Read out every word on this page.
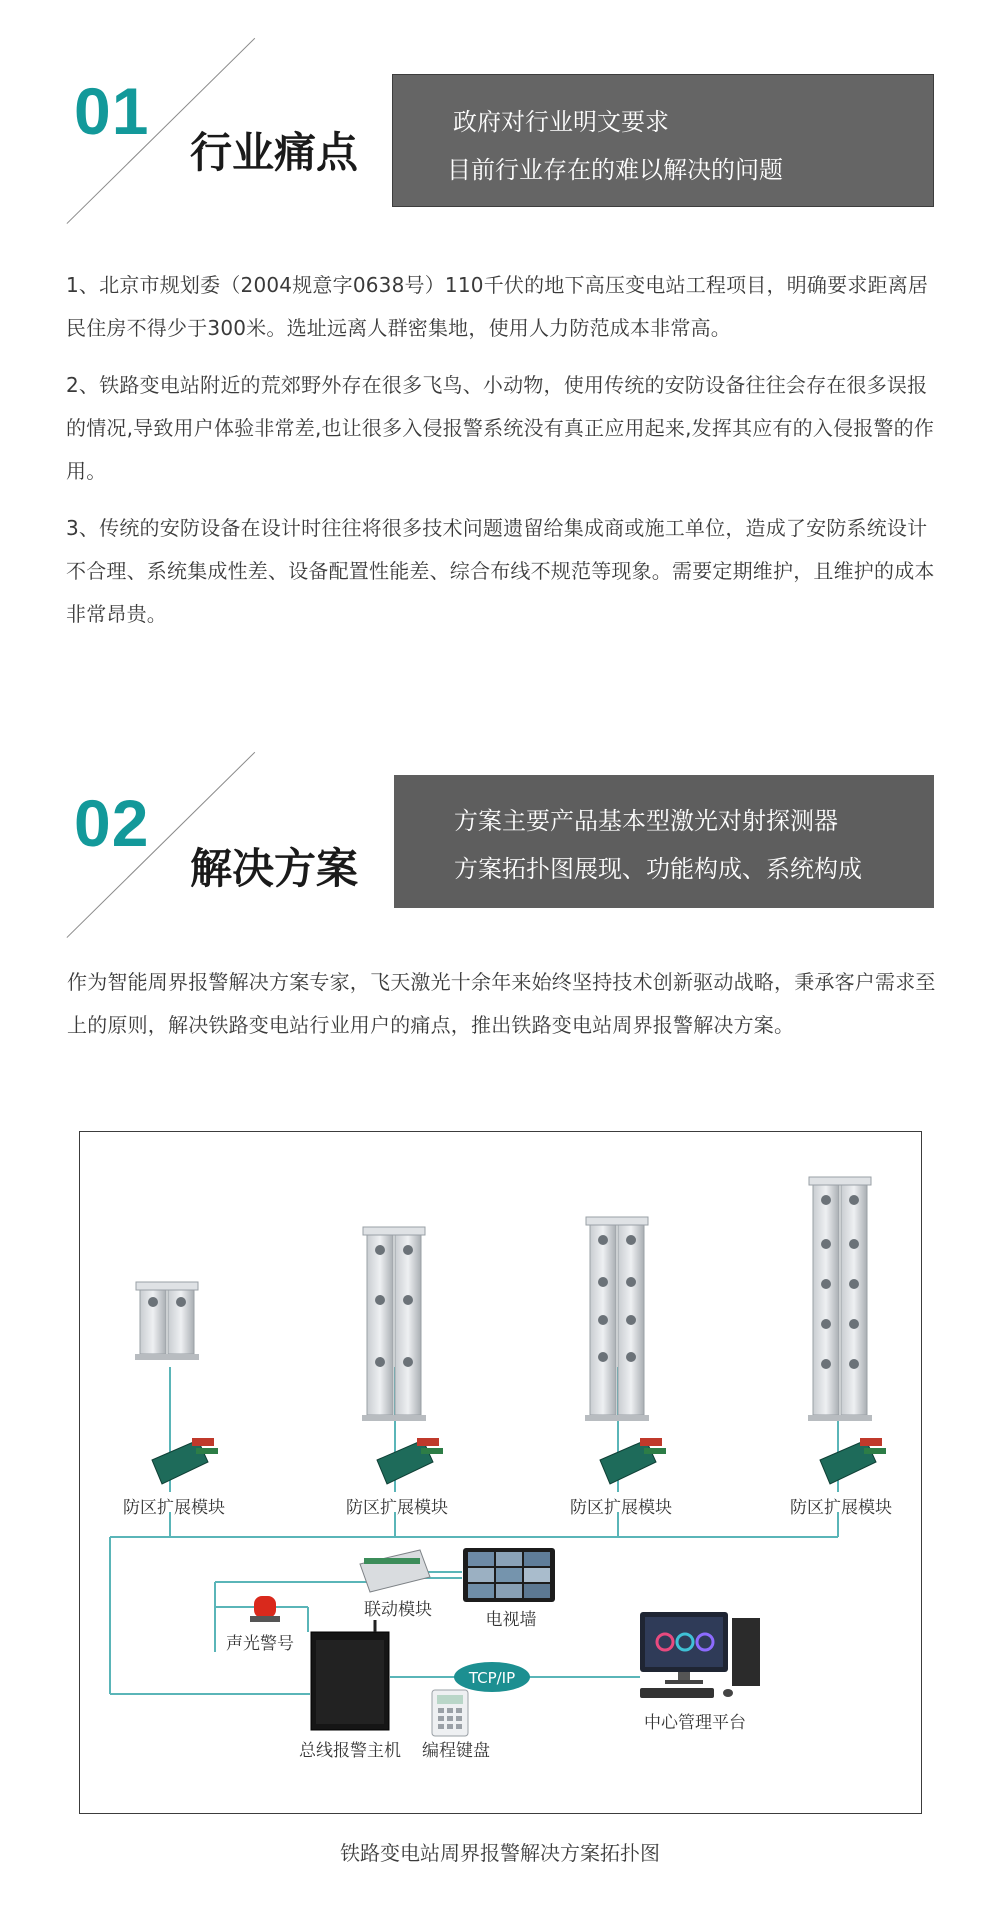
01
行业痛点
政府对行业明文要求
目前行业存在的难以解决的问题
1、北京市规划委（2004规意字0638号）110千伏的地下高压变电站工程项目，明确要求距离居民住房不得少于300米。选址远离人群密集地，使用人力防范成本非常高。
2、铁路变电站附近的荒郊野外存在很多飞鸟、小动物，使用传统的安防设备往往会存在很多误报的情况,导致用户体验非常差,也让很多入侵报警系统没有真正应用起来,发挥其应有的入侵报警的作用。
3、传统的安防设备在设计时往往将很多技术问题遗留给集成商或施工单位，造成了安防系统设计不合理、系统集成性差、设备配置性能差、综合布线不规范等现象。需要定期维护，且维护的成本非常昂贵。
02
解决方案
方案主要产品基本型激光对射探测器
方案拓扑图展现、功能构成、系统构成
作为智能周界报警解决方案专家，飞天激光十余年来始终坚持技术创新驱动战略，秉承客户需求至上的原则，解决铁路变电站行业用户的痛点，推出铁路变电站周界报警解决方案。
防区扩展模块	防区扩展模块	防区扩展模块	防区扩展模块
联动模块	电视墙
声光警号
总线报警主机 编程键盘
TCP/IP
中心管理平台
铁路变电站周界报警解决方案拓扑图
